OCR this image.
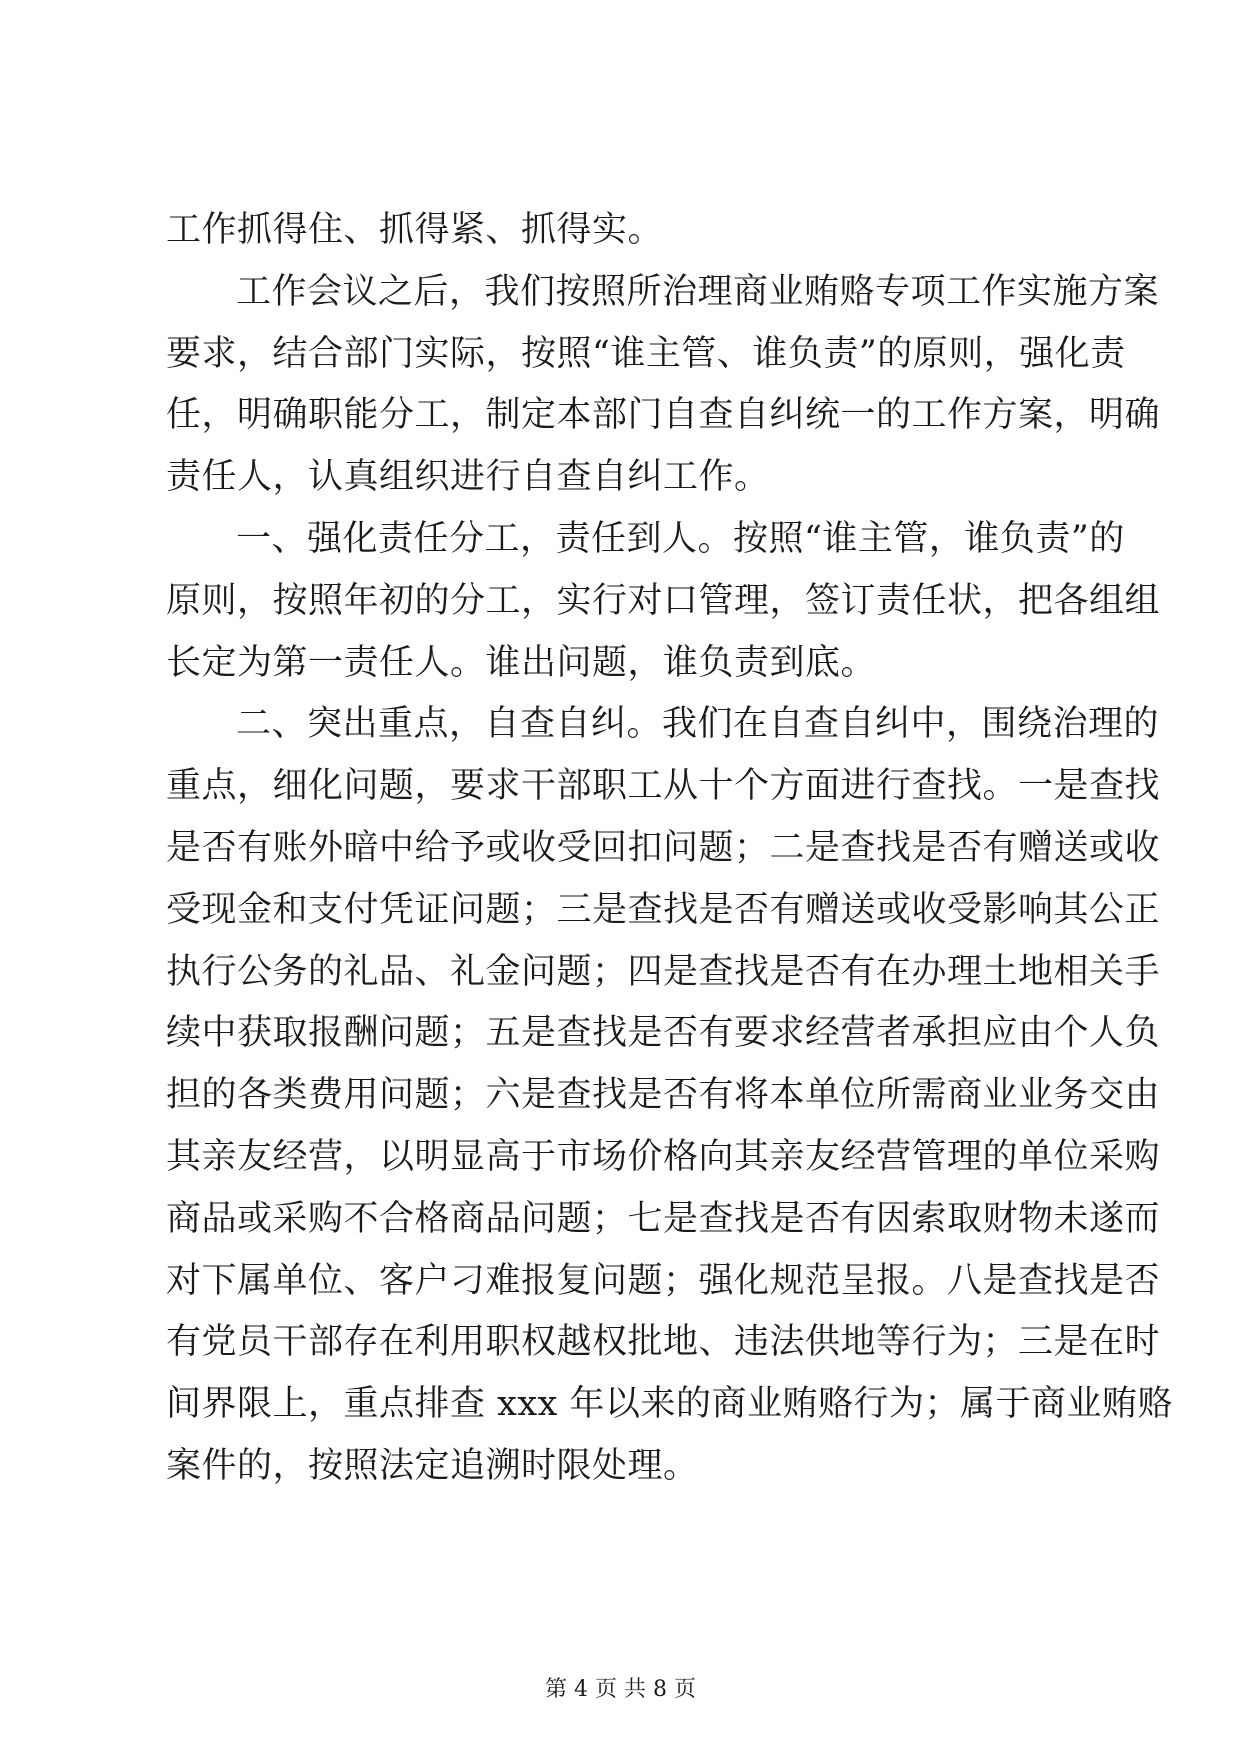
工作抓得住、抓得紧、抓得实。
工作会议之后，我们按照所治理商业贿赂专项工作实施方案
要求，结合部门实际，按照“谁主管、谁负责”的原则，强化责
任，明确职能分工，制定本部门自查自纠统一的工作方案，明确
责任人，认真组织进行自查自纠工作。
一、强化责任分工，责任到人。按照“谁主管，谁负责”的
原则，按照年初的分工，实行对口管理，签订责任状，把各组组
长定为第一责任人。谁出问题，谁负责到底。
二、突出重点，自查自纠。我们在自查自纠中，围绕治理的
重点，细化问题，要求干部职工从十个方面进行查找。一是查找
是否有账外暗中给予或收受回扣问题；二是查找是否有赠送或收
受现金和支付凭证问题；三是查找是否有赠送或收受影响其公正
执行公务的礼品、礼金问题；四是查找是否有在办理土地相关手
续中获取报酬问题；五是查找是否有要求经营者承担应由个人负
担的各类费用问题；六是查找是否有将本单位所需商业业务交由
其亲友经营，以明显高于市场价格向其亲友经营管理的单位采购
商品或采购不合格商品问题；七是查找是否有因索取财物未遂而
对下属单位、客户刁难报复问题；强化规范呈报。八是查找是否
有党员干部存在利用职权越权批地、违法供地等行为；三是在时
间界限上，重点排查 xxx 年以来的商业贿赂行为；属于商业贿赂
案件的，按照法定追溯时限处理。
第 4 页 共 8 页
